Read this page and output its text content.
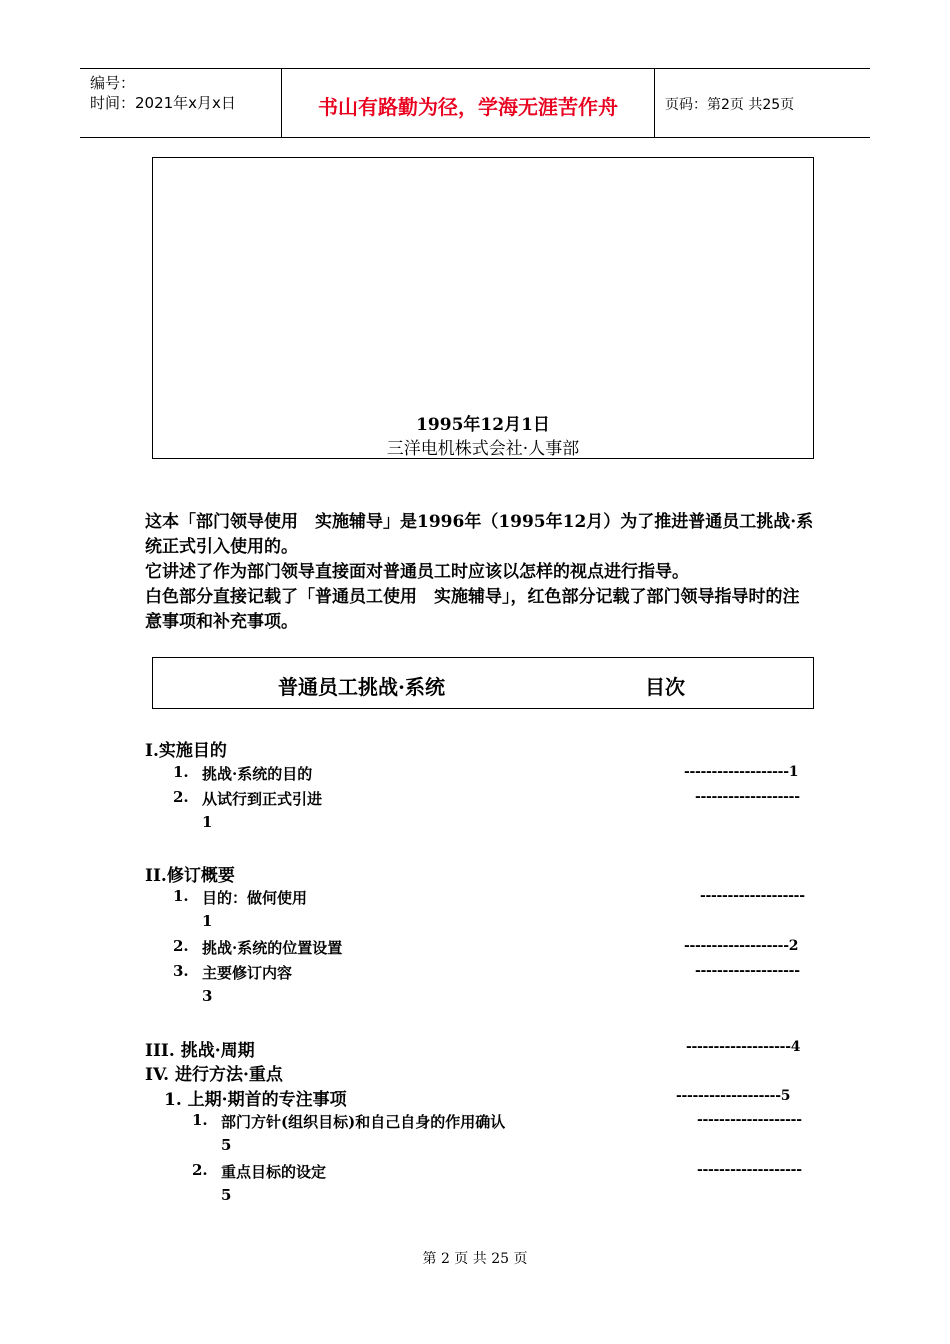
编号：
时间：2021年x月x日	书山有路勤为径，学海无涯苦作舟	页码：第2页 共25页
1995年12月1日
三洋电机株式会社·人事部

这本「部门领导使用　实施辅导」是1996年（1995年12月）为了推进普通员工挑战·系统正式引入使用的。

它讲述了作为部门领导直接面对普通员工时应该以怎样的视点进行指导。

白色部分直接记载了「普通员工使用　实施辅导」，红色部分记载了部门领导指导时的注意事项和补充事项。

普通员工挑战·系统	目次
I.实施目的
1. 挑战·系统的目的	-------------------1
2. 从试行到正式引进	-------------------
1
II.修订概要
1. 目的：做何使用	-------------------
1
2. 挑战·系统的位置设置	-------------------2
3. 主要修订内容	-------------------
3
III. 挑战·周期	-------------------4
IV. 进行方法·重点
1. 上期·期首的专注事项	-------------------5
1. 部门方针(组织目标)和自己自身的作用确认	-------------------
5
2. 重点目标的设定	-------------------
5
第 2 页 共 25 页
